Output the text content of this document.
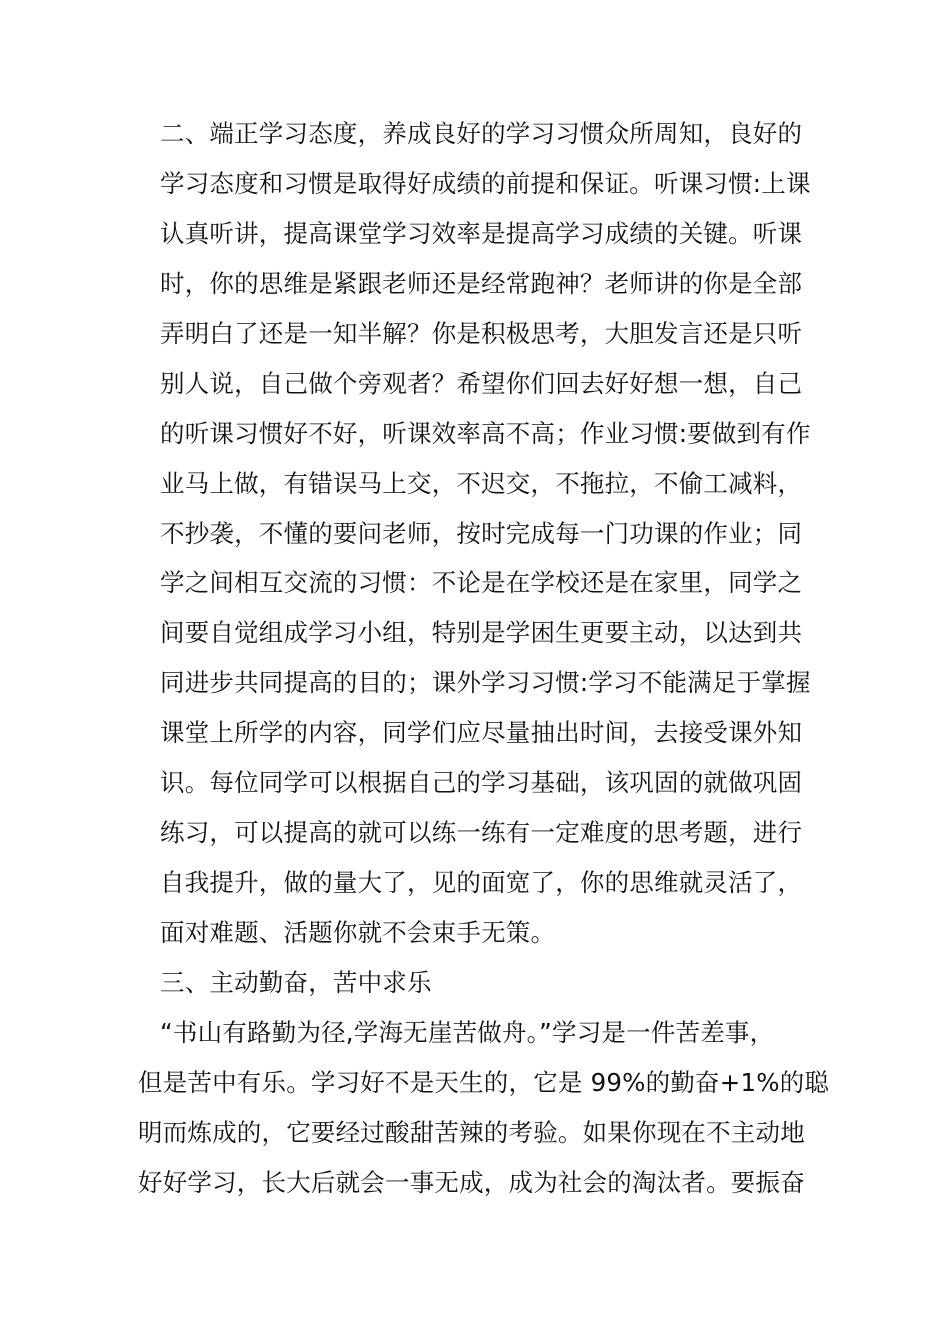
二、端正学习态度，养成良好的学习习惯众所周知，良好的
学习态度和习惯是取得好成绩的前提和保证。听课习惯:上课
认真听讲，提高课堂学习效率是提高学习成绩的关键。听课
时，你的思维是紧跟老师还是经常跑神？老师讲的你是全部
弄明白了还是一知半解？你是积极思考，大胆发言还是只听
别人说，自己做个旁观者？希望你们回去好好想一想，自己
的听课习惯好不好，听课效率高不高；作业习惯:要做到有作
业马上做，有错误马上交，不迟交，不拖拉，不偷工减料，
不抄袭，不懂的要问老师，按时完成每一门功课的作业；同
学之间相互交流的习惯：不论是在学校还是在家里，同学之
间要自觉组成学习小组，特别是学困生更要主动，以达到共
同进步共同提高的目的；课外学习习惯:学习不能满足于掌握
课堂上所学的内容，同学们应尽量抽出时间，去接受课外知
识。每位同学可以根据自己的学习基础，该巩固的就做巩固
练习，可以提高的就可以练一练有一定难度的思考题，进行
自我提升，做的量大了，见的面宽了，你的思维就灵活了，
面对难题、活题你就不会束手无策。
三、主动勤奋，苦中求乐
“书山有路勤为径,学海无崖苦做舟。”学习是一件苦差事，
但是苦中有乐。学习好不是天生的，它是 99%的勤奋+1%的聪
明而炼成的，它要经过酸甜苦辣的考验。如果你现在不主动地
好好学习，长大后就会一事无成，成为社会的淘汰者。要振奋
